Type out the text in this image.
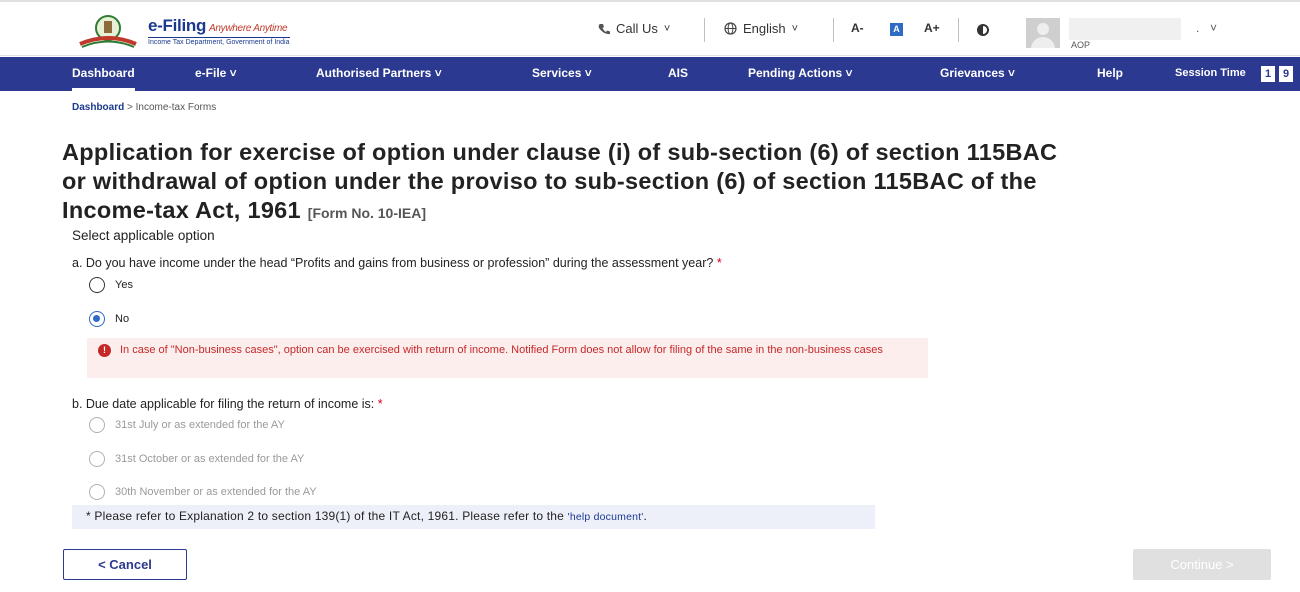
e-Filing Anywhere Anytime
Income Tax Department, Government of India
Call Us ˅	English ˅	A-	A A+	. ˅
AOP
Dashboard	e-File ˅	Authorised Partners ˅	Services ˅	AIS	Pending Actions ˅	Grievances ˅	Help	Session Time	1	9
Dashboard > Income-tax Forms
Application for exercise of option under clause (i) of sub-section (6) of section 115BAC or withdrawal of option under the proviso to sub-section (6) of section 115BAC of the Income-tax Act, 1961 [Form No. 10-IEA]
Select applicable option
a. Do you have income under the head “Profits and gains from business or profession” during the assessment year? *
Yes
No
!	In case of "Non-business cases", option can be exercised with return of income. Notified Form does not allow for filing of the same in the non-business cases
b. Due date applicable for filing the return of income is: *
31st July or as extended for the AY
31st October or as extended for the AY
30th November or as extended for the AY
* Please refer to Explanation 2 to section 139(1) of the IT Act, 1961. Please refer to the 'help document'.
< Cancel	Continue >
